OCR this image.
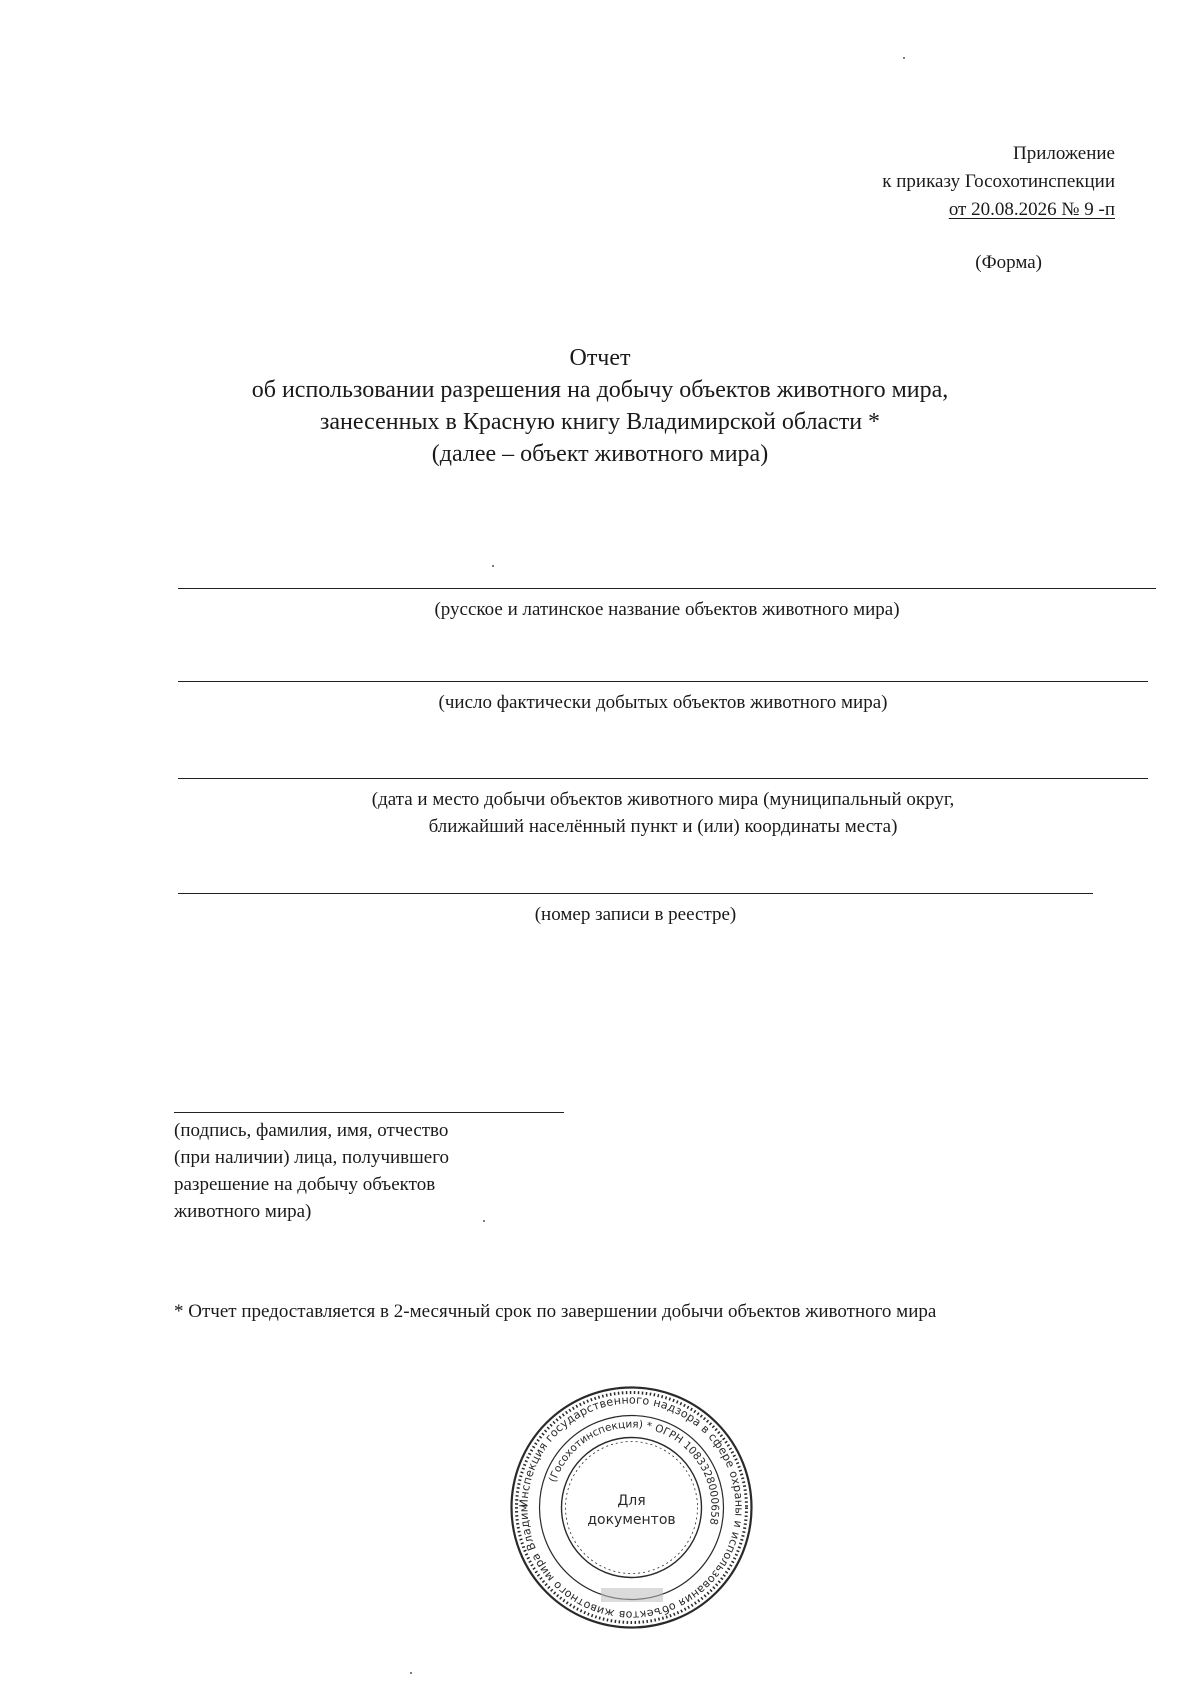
Приложение
к приказу Госохотинспекции
от 20.08.2026 № 9 -п
(Форма)
Отчет
об использовании разрешения на добычу объектов животного мира,
занесенных в Красную книгу Владимирской области *
(далее – объект животного мира)
(русское и латинское название объектов животного мира)
(число фактически добытых объектов животного мира)
(дата и место добычи объектов животного мира (муниципальный округ,
ближайший населённый пункт и (или) координаты места)
(номер записи в реестре)
(подпись, фамилия, имя, отчество
(при наличии) лица, получившего
разрешение на добычу объектов
животного мира)
* Отчет предоставляется в 2-месячный срок по завершении добычи объектов животного мира
Инспекция государственного надзора в сфере охраны и использования объектов животного мира Владим
(Госохотинспекция) * ОГРН 1083328000658
Для
документов
